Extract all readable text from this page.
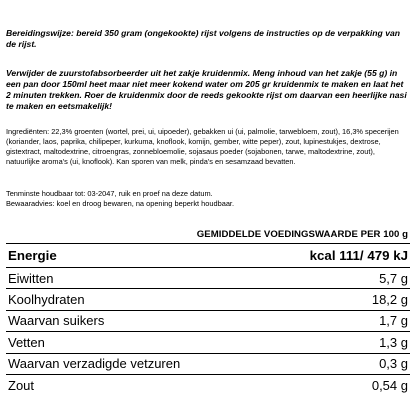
Bereidingswijze: bereid 350 gram (ongekookte) rijst volgens de instructies op de verpakking van de rijst.

Verwijder de zuurstofabsorbeerder uit het zakje kruidenmix. Meng inhoud van het zakje (55 g) in een pan door 150ml heet maar niet meer kokend water om 205 gr kruidenmix te maken en laat het 2 minuten trekken. Roer de kruidenmix door de reeds gekookte rijst om daarvan een heerlijke nasi te maken en eetsmakelijk!

Ingrediënten: 22,3% groenten (wortel, prei, ui, uipoeder), gebakken ui (ui, palmolie, tarwebloem, zout), 16,3% specerijen (koriander, laos, paprika, chilipeper, kurkuma, knoflook, komijn, gember, witte peper), zout, lupinestukjes, dextrose, gistextract, maltodextrine, citroengras, zonnebloemolie, sojasaus poeder (sojabonen, tarwe, maltodextrine, zout), natuurlijke aroma's (ui, knoflook). Kan sporen van melk, pinda's en sesamzaad bevatten.

Tenminste houdbaar tot: 03-2047, ruik en proef na deze datum.

Bewaaradvies: koel en droog bewaren, na opening beperkt houdbaar.

GEMIDDELDE VOEDINGSWAARDE PER 100 g
Energie	kcal 111/ 479 kJ
Eiwitten	5,7 g
Koolhydraten	18,2 g
Waarvan suikers	1,7 g
Vetten	1,3 g
Waarvan verzadigde vetzuren	0,3 g
Zout	0,54 g
